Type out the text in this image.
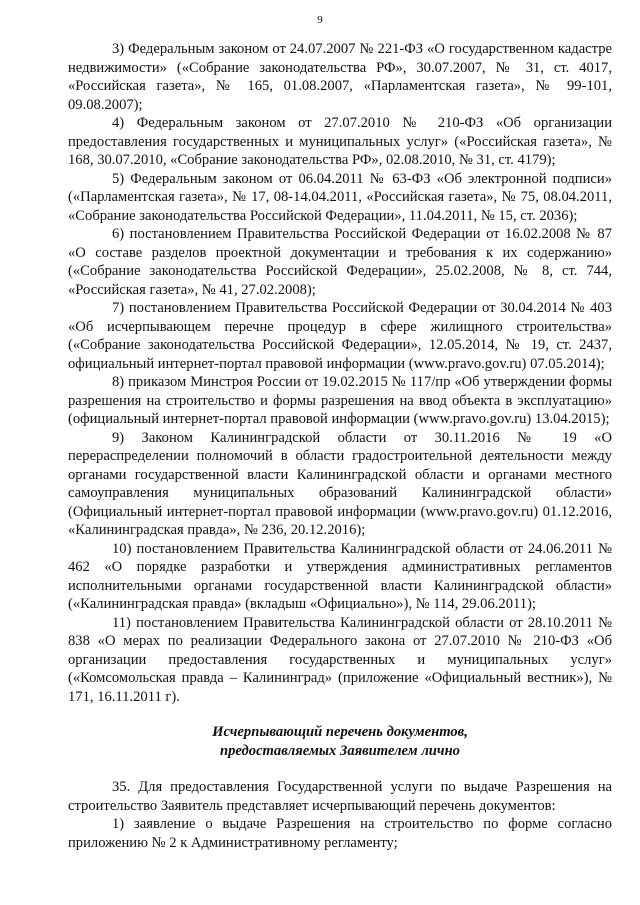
9

3) Федеральным законом от 24.07.2007 № 221-ФЗ «О государственном кадастре недвижимости» («Собрание законодательства РФ», 30.07.2007, № 31, ст. 4017, «Российская газета», № 165, 01.08.2007, «Парламентская газета», № 99-101, 09.08.2007);

4) Федеральным законом от 27.07.2010 № 210-ФЗ «Об организации предоставления государственных и муниципальных услуг» («Российская газета», № 168, 30.07.2010, «Собрание законодательства РФ», 02.08.2010, № 31, ст. 4179);

5) Федеральным законом от 06.04.2011 № 63-ФЗ «Об электронной подписи» («Парламентская газета», № 17, 08-14.04.2011, «Российская газета», № 75, 08.04.2011, «Собрание законодательства Российской Федерации», 11.04.2011, № 15, ст. 2036);

6) постановлением Правительства Российской Федерации от 16.02.2008 № 87 «О составе разделов проектной документации и требования к их содержанию» («Собрание законодательства Российской Федерации», 25.02.2008, № 8, ст. 744, «Российская газета», № 41, 27.02.2008);

7) постановлением Правительства Российской Федерации от 30.04.2014 № 403 «Об исчерпывающем перечне процедур в сфере жилищного строительства» («Собрание законодательства Российской Федерации», 12.05.2014, № 19, ст. 2437, официальный интернет-портал правовой информации (www.pravo.gov.ru) 07.05.2014);

8) приказом Минстроя России от 19.02.2015 № 117/пр «Об утверждении формы разрешения на строительство и формы разрешения на ввод объекта в эксплуатацию» (официальный интернет-портал правовой информации (www.pravo.gov.ru) 13.04.2015);

9) Законом Калининградской области от 30.11.2016 № 19 «О перераспределении полномочий в области градостроительной деятельности между органами государственной власти Калининградской области и органами местного самоуправления муниципальных образований Калининградской области» (Официальный интернет-портал правовой информации (www.pravo.gov.ru) 01.12.2016, «Калининградская правда», № 236, 20.12.2016);

10) постановлением Правительства Калининградской области от 24.06.2011 № 462 «О порядке разработки и утверждения административных регламентов исполнительными органами государственной власти Калининградской области» («Калининградская правда» (вкладыш «Официально»), № 114, 29.06.2011);

11) постановлением Правительства Калининградской области от 28.10.2011 № 838 «О мерах по реализации Федерального закона от 27.07.2010 № 210-ФЗ «Об организации предоставления государственных и муниципальных услуг» («Комсомольская правда – Калининград» (приложение «Официальный вестник»), № 171, 16.11.2011 г).

Исчерпывающий перечень документов,
предоставляемых Заявителем лично

35. Для предоставления Государственной услуги по выдаче Разрешения на строительство Заявитель представляет исчерпывающий перечень документов:

1) заявление о выдаче Разрешения на строительство по форме согласно приложению № 2 к Административному регламенту;
